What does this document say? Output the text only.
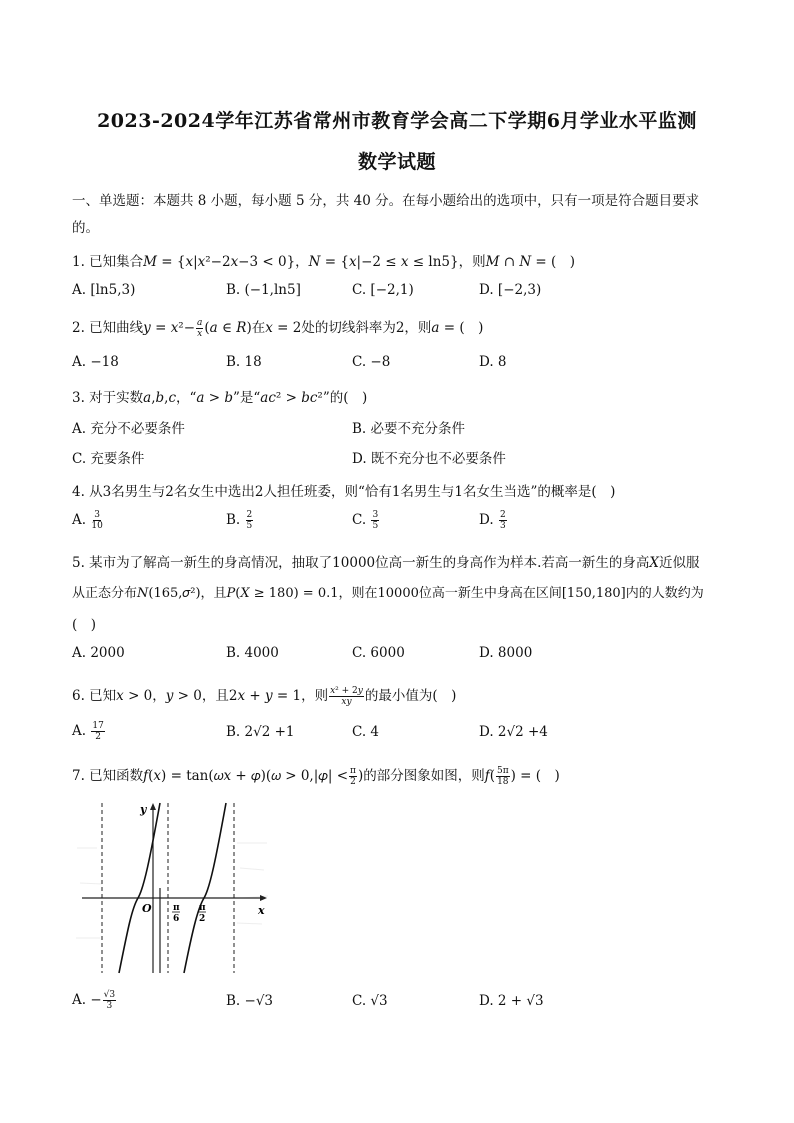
2023-2024学年江苏省常州市教育学会高二下学期6月学业水平监测
数学试题
一、单选题：本题共 8 小题，每小题 5 分，共 40 分。在每小题给出的选项中，只有一项是符合题目要求
的。
1. 已知集合𝑀 = {𝑥|𝑥²−2𝑥−3 < 0}，𝑁 = {𝑥|−2 ≤ 𝑥 ≤ ln5}，则𝑀 ∩ 𝑁 = (　)
A. [ln5,3)	B. (−1,ln5]	C. [−2,1)	D. [−2,3)
2. 已知曲线𝑦 = 𝑥²− $\frac{\text{𝑎}}{\text{𝑥}}$ (𝑎 ∈ 𝑅)在𝑥 = 2处的切线斜率为2，则𝑎 = (　)
A. −18	B. 18	C. −8	D. 8
3. 对于实数𝑎,𝑏,𝑐，“𝑎 > 𝑏”是“𝑎𝑐² > 𝑏𝑐²”的(　)
A. 充分不必要条件	B. 必要不充分条件
C. 充要条件	D. 既不充分也不必要条件
4. 从3名男生与2名女生中选出2人担任班委，则“恰有1名男生与1名女生当选”的概率是(　)
A. $\frac{3}{10}$	B. $\frac{2}{5}$	C. $\frac{3}{5}$	D. $\frac{2}{3}$
5. 某市为了解高一新生的身高情况，抽取了10000位高一新生的身高作为样本.若高一新生的身高𝑋近似服
从正态分布𝑁(165,𝜎²)，且𝑃(𝑋 ≥ 180) = 0.1，则在10000位高一新生中身高在区间[150,180]内的人数约为
(　)
A. 2000	B. 4000	C. 6000	D. 8000
6. 已知𝑥 > 0，𝑦 > 0，且2𝑥 + 𝑦 = 1，则 $\frac{\text{𝑥² + 2𝑦}}{\text{𝑥𝑦}}$ 的最小值为(　)
A. $\frac{17}{2}$	B. 2√2 +1	C. 4	D. 2√2 +4
7. 已知函数𝑓(𝑥) = tan(𝜔𝑥 + 𝜑)(𝜔 > 0,|𝜑| < $\frac{\pi}{2}$ )的部分图象如图，则𝑓( $\frac{5\pi}{18}$ ) = (　)
y
x
O π
6
π
2
A. − $\frac{√3}{3}$	B. −√3	C. √3	D. 2 + √3
